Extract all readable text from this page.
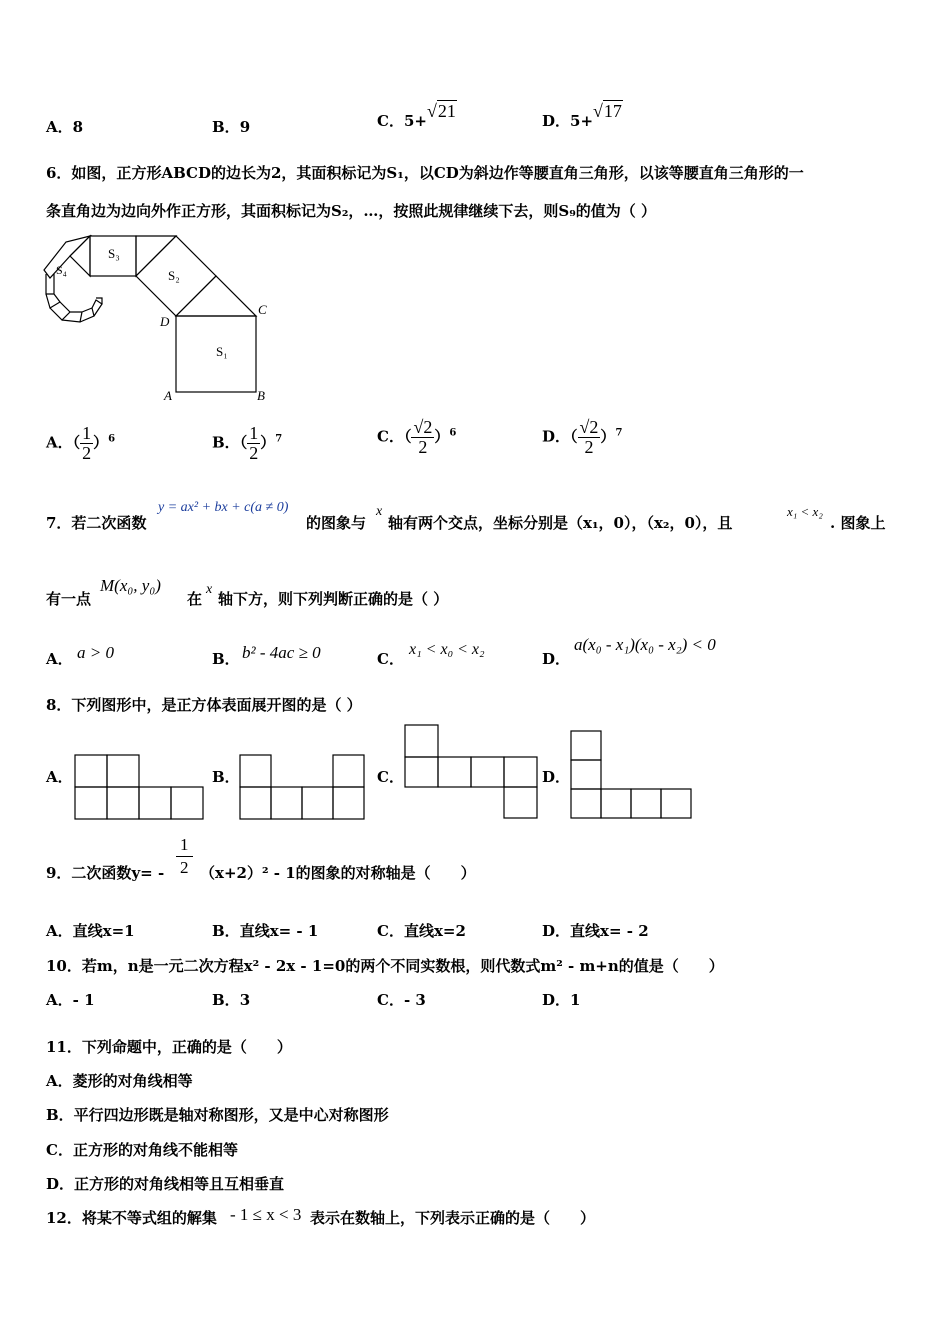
A．8	B．9	C．5+√21	D．5+√17
6．如图，正方形ABCD的边长为2，其面积标记为S₁，以CD为斜边作等腰直角三角形，以该等腰直角三角形的一
条直角边为边向外作正方形，其面积标记为S₂，…，按照此规律继续下去，则S₉的值为（ ）
S₁
S₂
S₃
S₄
A	B
C
D
A．（ $\frac{1}{2} )^6$	B．（ $\frac{1}{2} )^7$	C．（ $\frac{√2}{2} )^6$	D．（ $\frac{√2}{2} )^7$
7．若二次函数
y = ax² + bx + c(a ≠ 0)
的图象与
x
轴有两个交点，坐标分别是（x₁，0），（x₂，0），且
x₁ < x₂
. 图象上
有一点
M(x₀, y₀)
在
x
轴下方，则下列判断正确的是（ ）
A． a > 0	B． b² - 4ac ≥ 0	C．
x₁ < x₀ < x₂
D．
a(x₀ - x₁)(x₀ - x₂) < 0
8．下列图形中，是正方体表面展开图的是（ ）
A．	B．	C．	D．
9．二次函数$y= - \frac{1}{2} (x+2)^2 - 1$的图象的对称轴是（　　）
A．直线x=1	B．直线x= - 1	C．直线x=2	D．直线x= - 2
10．若m，n是一元二次方程x² - 2x - 1=0的两个不同实数根，则代数式m² - m+n的值是（　　）
A．- 1	B．3	C．- 3	D．1
11．下列命题中，正确的是（　　）
A．菱形的对角线相等
B．平行四边形既是轴对称图形，又是中心对称图形
C．正方形的对角线不能相等
D．正方形的对角线相等且互相垂直
12．将某不等式组的解集 - 1 ≤ x < 3 表示在数轴上，下列表示正确的是（　　）
